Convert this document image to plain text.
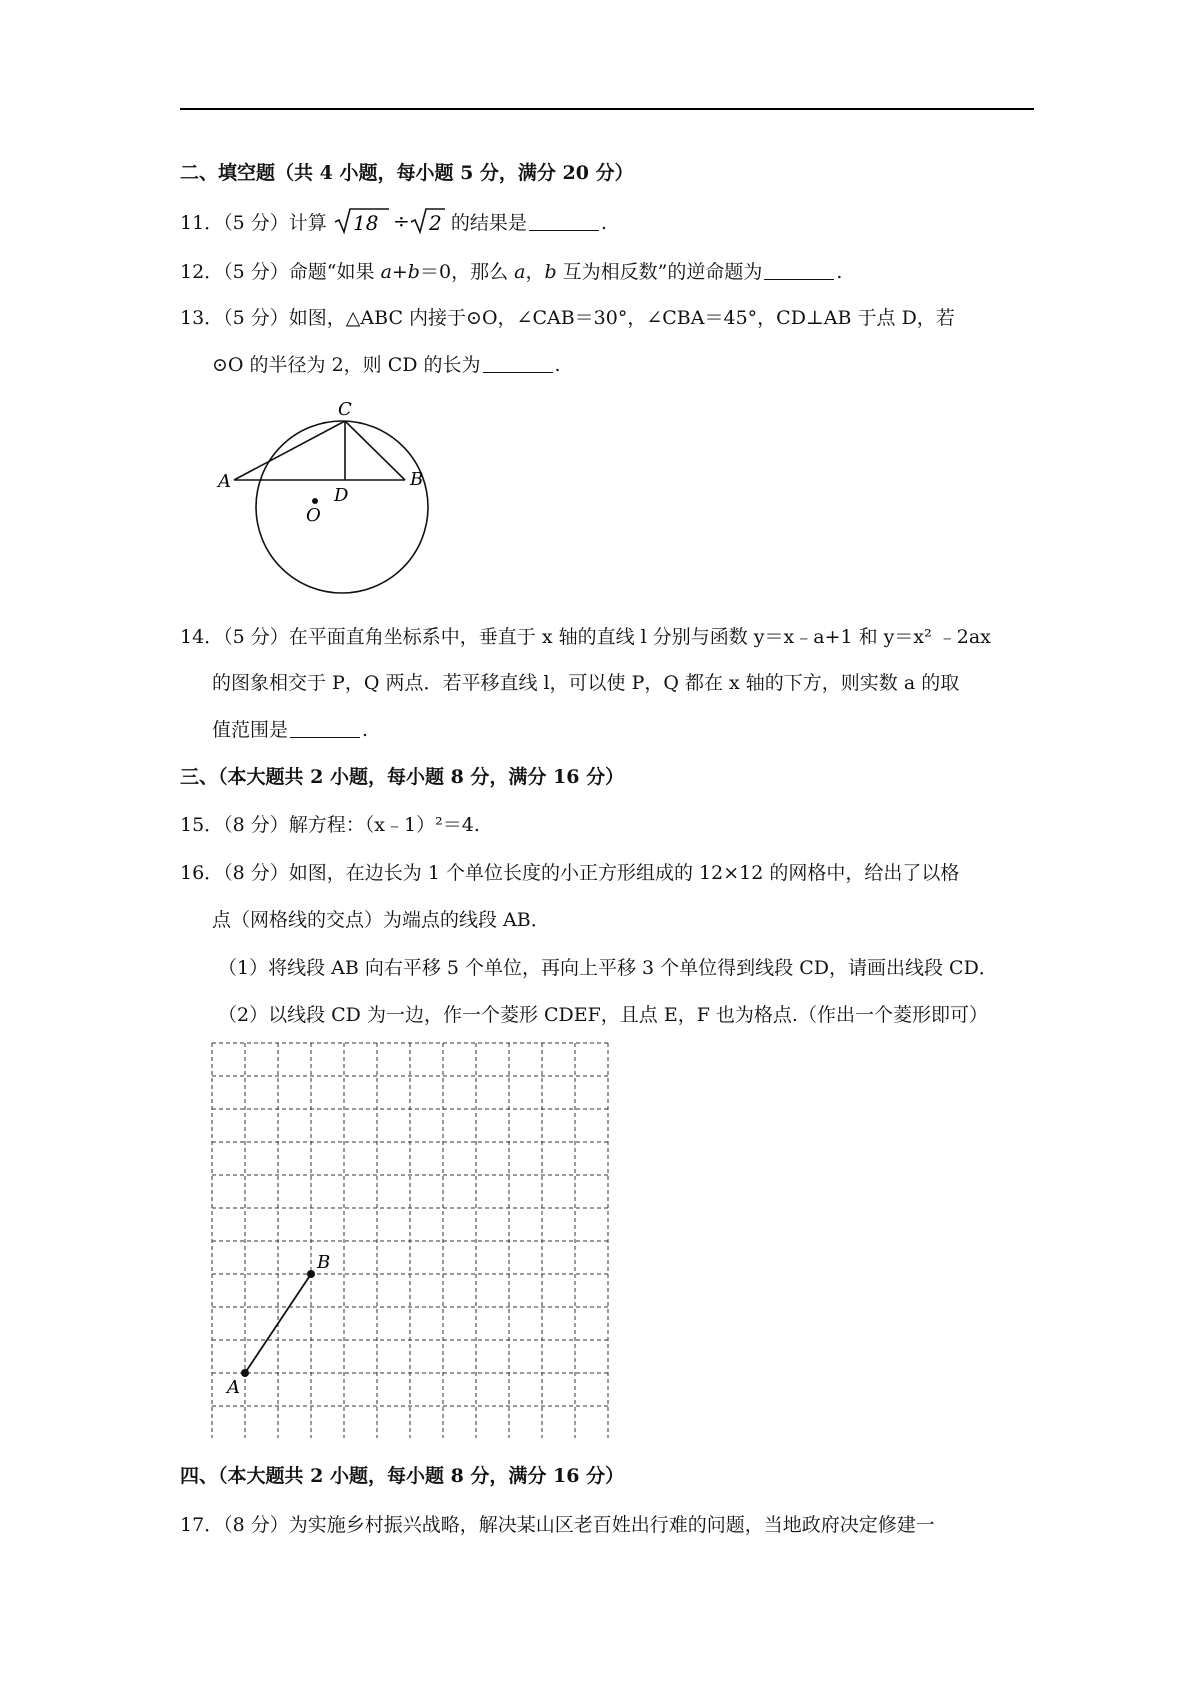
二、填空题（共 4 小题，每小题 5 分，满分 20 分）
11．（5 分）计算 18 ÷ 2 的结果是	.
12．（5 分）命题“如果 a+b＝0，那么 a，b 互为相反数”的逆命题为	.
13．（5 分）如图，△ABC 内接于⊙O，∠CAB＝30°，∠CBA＝45°，CD⊥AB 于点 D，若
⊙O 的半径为 2，则 CD 的长为	.
A	B
C
D
O
14．（5 分）在平面直角坐标系中，垂直于 x 轴的直线 l 分别与函数 y＝x﹣a+1 和 y＝x² ﹣2ax
的图象相交于 P，Q 两点．若平移直线 l，可以使 P，Q 都在 x 轴的下方，则实数 a 的取
值范围是	.
三、（本大题共 2 小题，每小题 8 分，满分 16 分）
15．（8 分）解方程：（x﹣1）²＝4.
16．（8 分）如图，在边长为 1 个单位长度的小正方形组成的 12×12 的网格中，给出了以格
点（网格线的交点）为端点的线段 AB．
（1）将线段 AB 向右平移 5 个单位，再向上平移 3 个单位得到线段 CD，请画出线段 CD．
（2）以线段 CD 为一边，作一个菱形 CDEF，且点 E，F 也为格点.（作出一个菱形即可）
A
B
四、（本大题共 2 小题，每小题 8 分，满分 16 分）
17．（8 分）为实施乡村振兴战略，解决某山区老百姓出行难的问题，当地政府决定修建一
